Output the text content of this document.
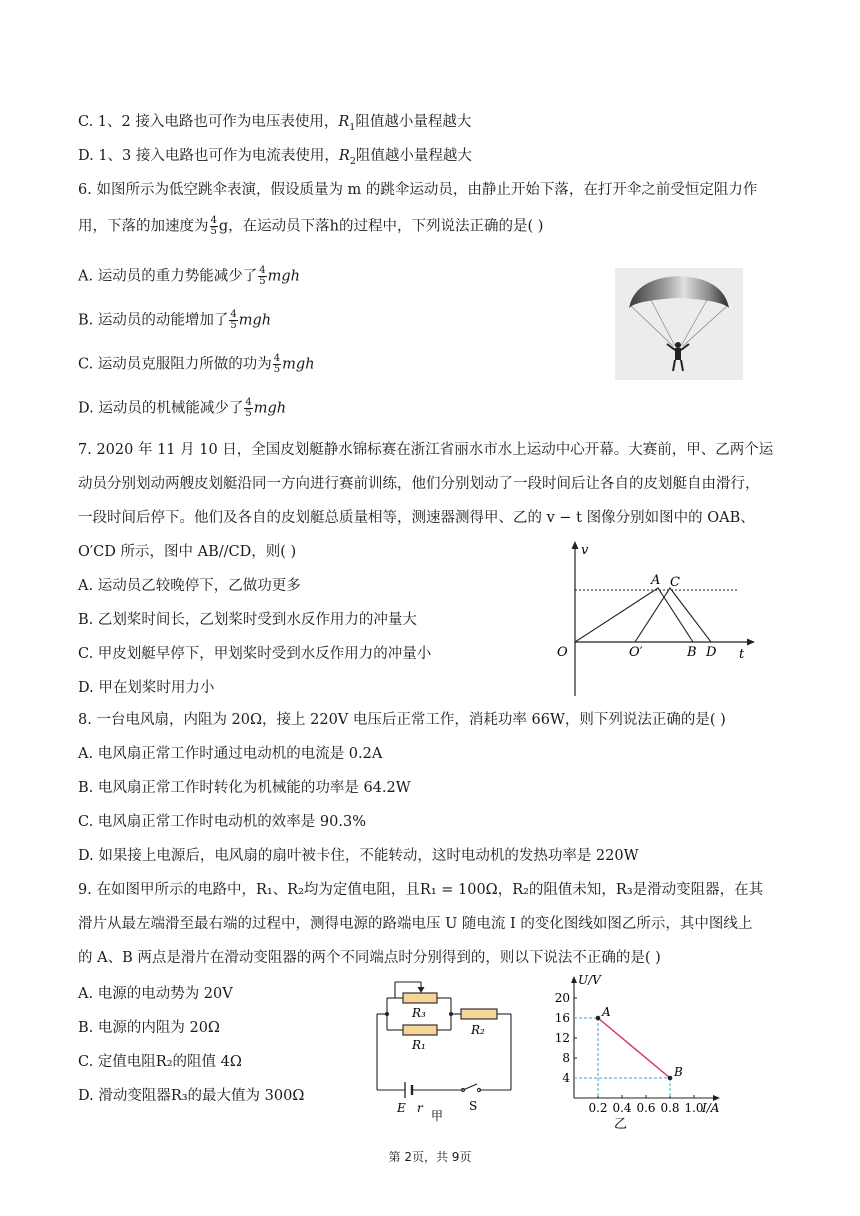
C. 1、2 接入电路也可作为电压表使用，$R_1$阻值越小量程越大
D. 1、3 接入电路也可作为电流表使用，$R_2$阻值越小量程越大
6. 如图所示为低空跳伞表演，假设质量为 m 的跳伞运动员，由静止开始下落，在打开伞之前受恒定阻力作
用，下落的加速度为 $\frac{4}{5}$ g，在运动员下落h的过程中，下列说法正确的是( )
A. 运动员的重力势能减少了 $\frac{4}{5}$ mgh
B. 运动员的动能增加了 $\frac{4}{5}$ mgh
C. 运动员克服阻力所做的功为 $\frac{4}{5}$ mgh
D. 运动员的机械能减少了 $\frac{4}{5}$ mgh
7. 2020 年 11 月 10 日，全国皮划艇静水锦标赛在浙江省丽水市水上运动中心开幕。大赛前，甲、乙两个运
动员分别划动两艘皮划艇沿同一方向进行赛前训练，他们分别划动了一段时间后让各自的皮划艇自由滑行，
一段时间后停下。他们及各自的皮划艇总质量相等，测速器测得甲、乙的 v − t 图像分别如图中的 OAB、
O′CD 所示，图中 AB//CD，则( )
A. 运动员乙较晚停下，乙做功更多
B. 乙划桨时间长，乙划桨时受到水反作用力的冲量大
C. 甲皮划艇早停下，甲划桨时受到水反作用力的冲量小
D. 甲在划桨时用力小
v
t
O	O′
A C
B D
8. 一台电风扇，内阻为 20Ω，接上 220V 电压后正常工作，消耗功率 66W，则下列说法正确的是( )
A. 电风扇正常工作时通过电动机的电流是 0.2A
B. 电风扇正常工作时转化为机械能的功率是 64.2W
C. 电风扇正常工作时电动机的效率是 90.3%
D. 如果接上电源后，电风扇的扇叶被卡住，不能转动，这时电动机的发热功率是 220W
9. 在如图甲所示的电路中，R₁、R₂均为定值电阻，且R₁ = 100Ω，R₂的阻值未知，R₃是滑动变阻器，在其
滑片从最左端滑至最右端的过程中，测得电源的路端电压 U 随电流 I 的变化图线如图乙所示，其中图线上
的 A、B 两点是滑片在滑动变阻器的两个不同端点时分别得到的，则以下说法不正确的是( )
A. 电源的电动势为 20V
B. 电源的内阻为 20Ω
C. 定值电阻R₂的阻值 4Ω
D. 滑动变阻器R₃的最大值为 300Ω
R₃
R₁
R₂
E r	S
甲
0.2 0.4 0.6 0.8 1.0
4
8
12
16
20
U/V
I/A
A
B
乙
第 2页，共 9页
